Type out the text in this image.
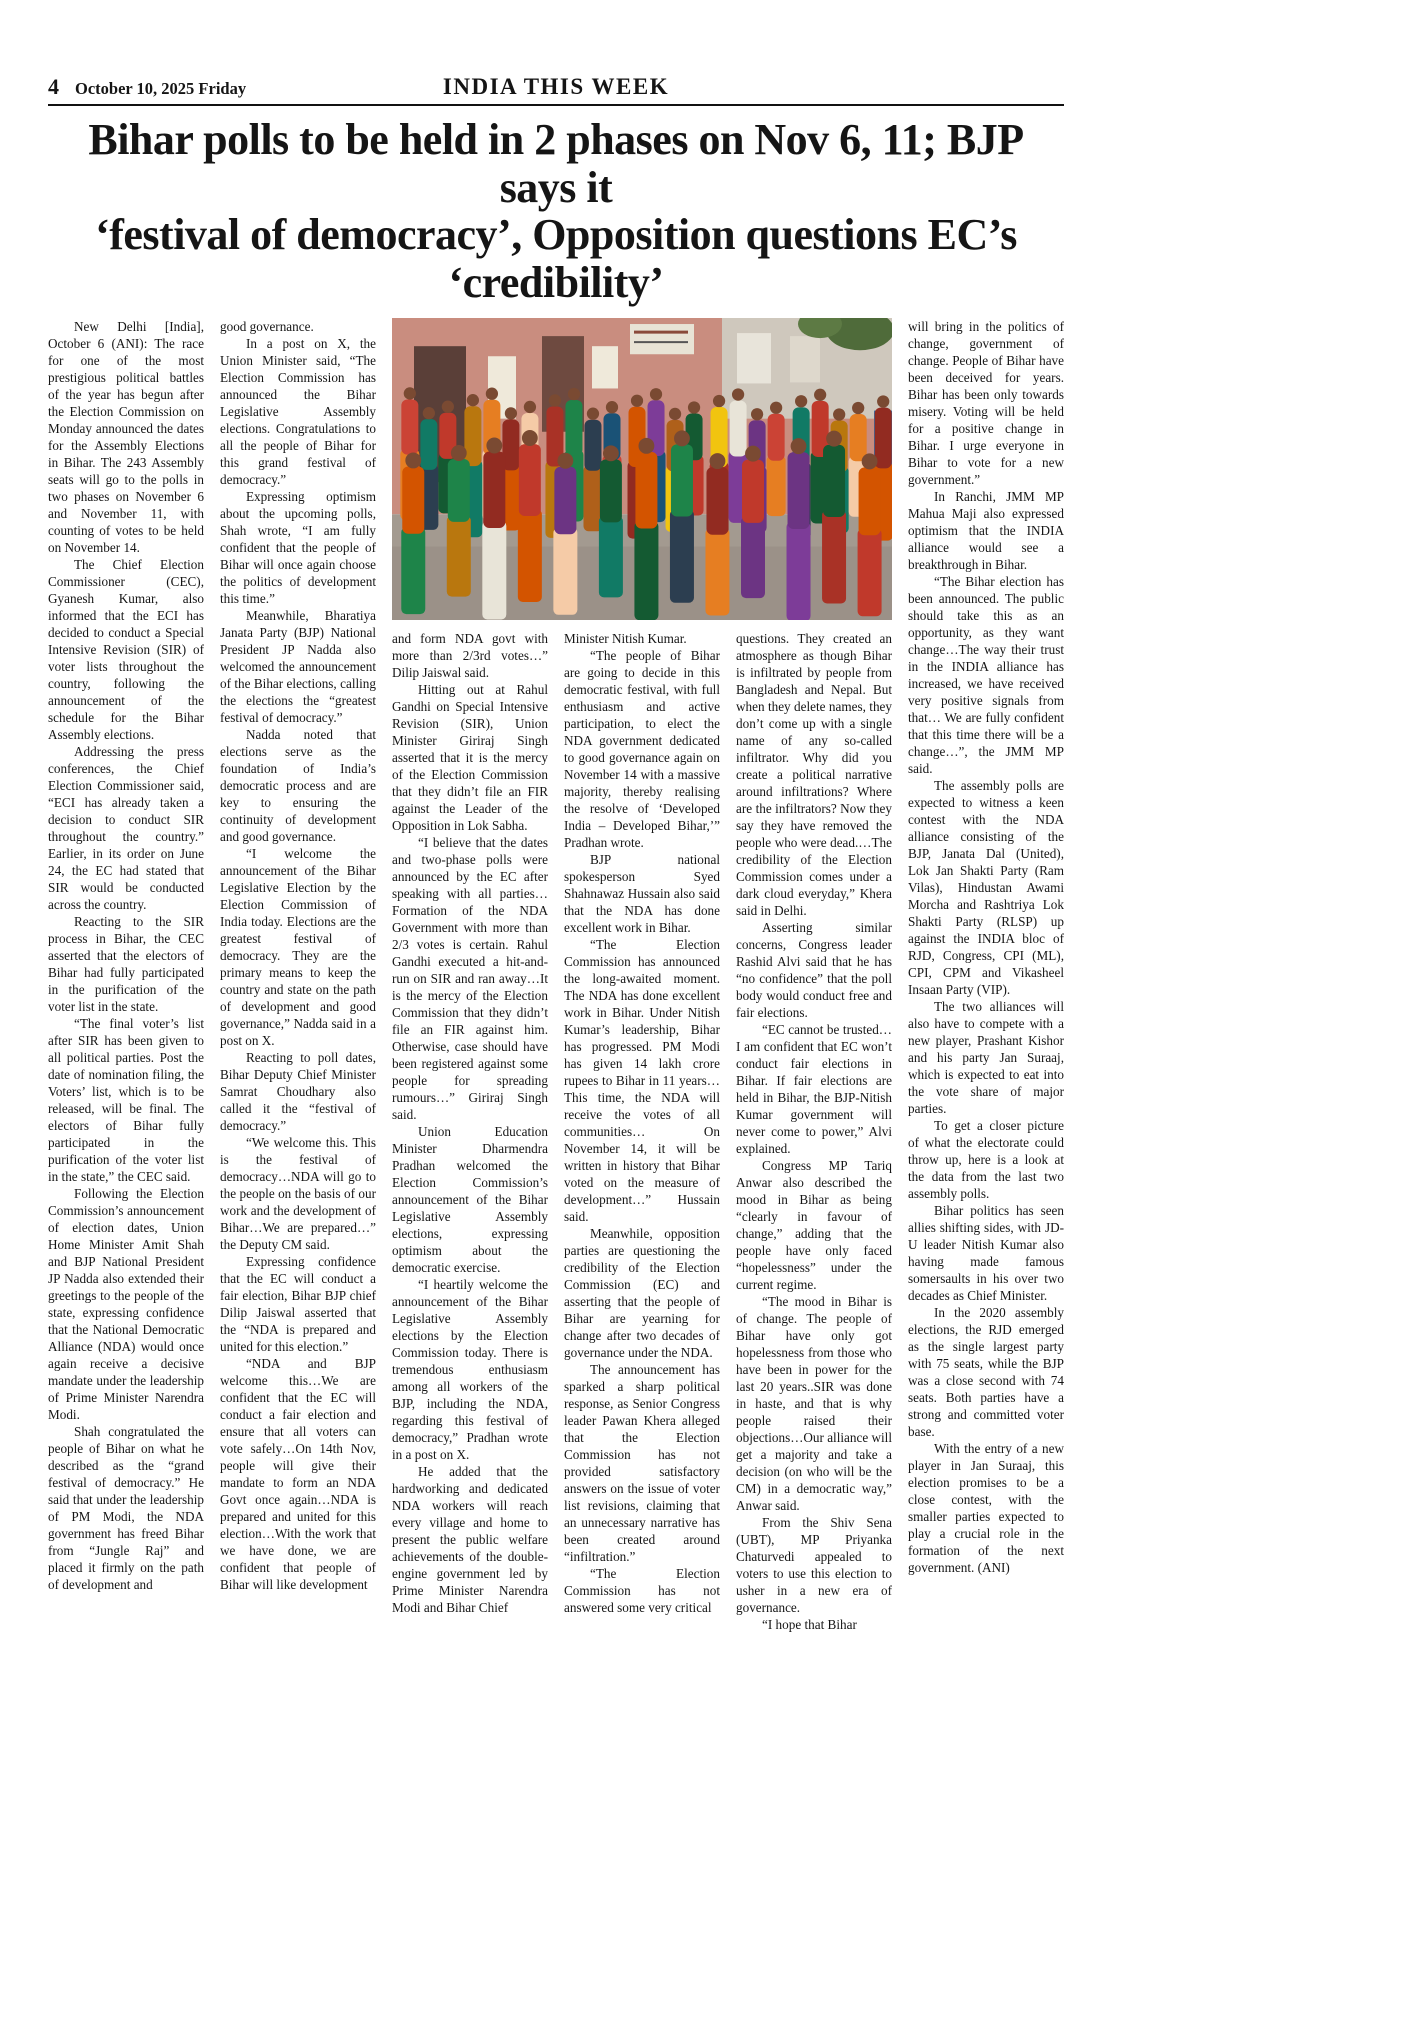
4 October 10, 2025 Friday	INDIA THIS WEEK
Bihar polls to be held in 2 phases on Nov 6, 11; BJP says it
‘festival of democracy’, Opposition questions EC’s ‘credibility’

New Delhi [India], October 6 (ANI): The race for one of the most prestigious political battles of the year has begun after the Election Commission on Monday announced the dates for the Assembly Elections in Bihar. The 243 Assembly seats will go to the polls in two phases on November 6 and November 11, with counting of votes to be held on November 14.

The Chief Election Commissioner (CEC), Gyanesh Kumar, also informed that the ECI has decided to conduct a Special Intensive Revision (SIR) of voter lists throughout the country, following the announcement of the schedule for the Bihar Assembly elections.

Addressing the press conferences, the Chief Election Commissioner said, “ECI has already taken a decision to conduct SIR throughout the country.” Earlier, in its order on June 24, the EC had stated that SIR would be conducted across the country.

Reacting to the SIR process in Bihar, the CEC asserted that the electors of Bihar had fully participated in the purification of the voter list in the state.

“The final voter’s list after SIR has been given to all political parties. Post the date of nomination filing, the Voters’ list, which is to be released, will be final. The electors of Bihar fully participated in the purification of the voter list in the state,” the CEC said.

Following the Election Commission’s announcement of election dates, Union Home Minister Amit Shah and BJP National President JP Nadda also extended their greetings to the people of the state, expressing confidence that the National Democratic Alliance (NDA) would once again receive a decisive mandate under the leadership of Prime Minister Narendra Modi.

Shah congratulated the people of Bihar on what he described as the “grand festival of democracy.” He said that under the leadership of PM Modi, the NDA government has freed Bihar from “Jungle Raj” and placed it firmly on the path of development and

good governance.

In a post on X, the Union Minister said, “The Election Commission has announced the Bihar Legislative Assembly elections. Congratulations to all the people of Bihar for this grand festival of democracy.”

Expressing optimism about the upcoming polls, Shah wrote, “I am fully confident that the people of Bihar will once again choose the politics of development this time.”

Meanwhile, Bharatiya Janata Party (BJP) National President JP Nadda also welcomed the announcement of the Bihar elections, calling the elections the “greatest festival of democracy.”

Nadda noted that elections serve as the foundation of India’s democratic process and are key to ensuring the continuity of development and good governance.

“I welcome the announcement of the Bihar Legislative Election by the Election Commission of India today. Elections are the greatest festival of democracy. They are the primary means to keep the country and state on the path of development and good governance,” Nadda said in a post on X.

Reacting to poll dates, Bihar Deputy Chief Minister Samrat Choudhary also called it the “festival of democracy.”

“We welcome this. This is the festival of democracy…NDA will go to the people on the basis of our work and the development of Bihar…We are prepared…” the Deputy CM said.

Expressing confidence that the EC will conduct a fair election, Bihar BJP chief Dilip Jaiswal asserted that the “NDA is prepared and united for this election.”

“NDA and BJP welcome this…We are confident that the EC will conduct a fair election and ensure that all voters can vote safely…On 14th Nov, people will give their mandate to form an NDA Govt once again…NDA is prepared and united for this election…With the work that we have done, we are confident that people of Bihar will like development

and form NDA govt with more than 2/3rd votes…” Dilip Jaiswal said.

Hitting out at Rahul Gandhi on Special Intensive Revision (SIR), Union Minister Giriraj Singh asserted that it is the mercy of the Election Commission that they didn’t file an FIR against the Leader of the Opposition in Lok Sabha.

“I believe that the dates and two-phase polls were announced by the EC after speaking with all parties…Formation of the NDA Government with more than 2/3 votes is certain. Rahul Gandhi executed a hit-and-run on SIR and ran away…It is the mercy of the Election Commission that they didn’t file an FIR against him. Otherwise, case should have been registered against some people for spreading rumours…” Giriraj Singh said.

Union Education Minister Dharmendra Pradhan welcomed the Election Commission’s announcement of the Bihar Legislative Assembly elections, expressing optimism about the democratic exercise.

“I heartily welcome the announcement of the Bihar Legislative Assembly elections by the Election Commission today. There is tremendous enthusiasm among all workers of the BJP, including the NDA, regarding this festival of democracy,” Pradhan wrote in a post on X.

He added that the hardworking and dedicated NDA workers will reach every village and home to present the public welfare achievements of the double-engine government led by Prime Minister Narendra Modi and Bihar Chief

Minister Nitish Kumar.

“The people of Bihar are going to decide in this democratic festival, with full enthusiasm and active participation, to elect the NDA government dedicated to good governance again on November 14 with a massive majority, thereby realising the resolve of ‘Developed India – Developed Bihar,’” Pradhan wrote.

BJP national spokesperson Syed Shahnawaz Hussain also said that the NDA has done excellent work in Bihar.

“The Election Commission has announced the long-awaited moment. The NDA has done excellent work in Bihar. Under Nitish Kumar’s leadership, Bihar has progressed. PM Modi has given 14 lakh crore rupees to Bihar in 11 years… This time, the NDA will receive the votes of all communities… On November 14, it will be written in history that Bihar voted on the measure of development…” Hussain said.

Meanwhile, opposition parties are questioning the credibility of the Election Commission (EC) and asserting that the people of Bihar are yearning for change after two decades of governance under the NDA.

The announcement has sparked a sharp political response, as Senior Congress leader Pawan Khera alleged that the Election Commission has not provided satisfactory answers on the issue of voter list revisions, claiming that an unnecessary narrative has been created around “infiltration.”

“The Election Commission has not answered some very critical

questions. They created an atmosphere as though Bihar is infiltrated by people from Bangladesh and Nepal. But when they delete names, they don’t come up with a single name of any so-called infiltrator. Why did you create a political narrative around infiltrations? Where are the infiltrators? Now they say they have removed the people who were dead.…The credibility of the Election Commission comes under a dark cloud everyday,” Khera said in Delhi.

Asserting similar concerns, Congress leader Rashid Alvi said that he has “no confidence” that the poll body would conduct free and fair elections.

“EC cannot be trusted…I am confident that EC won’t conduct fair elections in Bihar. If fair elections are held in Bihar, the BJP-Nitish Kumar government will never come to power,” Alvi explained.

Congress MP Tariq Anwar also described the mood in Bihar as being “clearly in favour of change,” adding that the people have only faced “hopelessness” under the current regime.

“The mood in Bihar is of change. The people of Bihar have only got hopelessness from those who have been in power for the last 20 years..SIR was done in haste, and that is why people raised their objections…Our alliance will get a majority and take a decision (on who will be the CM) in a democratic way,” Anwar said.

From the Shiv Sena (UBT), MP Priyanka Chaturvedi appealed to voters to use this election to usher in a new era of governance.

“I hope that Bihar

will bring in the politics of change, government of change. People of Bihar have been deceived for years. Bihar has been only towards misery. Voting will be held for a positive change in Bihar. I urge everyone in Bihar to vote for a new government.”

In Ranchi, JMM MP Mahua Maji also expressed optimism that the INDIA alliance would see a breakthrough in Bihar.

“The Bihar election has been announced. The public should take this as an opportunity, as they want change…The way their trust in the INDIA alliance has increased, we have received very positive signals from that… We are fully confident that this time there will be a change…”, the JMM MP said.

The assembly polls are expected to witness a keen contest with the NDA alliance consisting of the BJP, Janata Dal (United), Lok Jan Shakti Party (Ram Vilas), Hindustan Awami Morcha and Rashtriya Lok Shakti Party (RLSP) up against the INDIA bloc of RJD, Congress, CPI (ML), CPI, CPM and Vikasheel Insaan Party (VIP).

The two alliances will also have to compete with a new player, Prashant Kishor and his party Jan Suraaj, which is expected to eat into the vote share of major parties.

To get a closer picture of what the electorate could throw up, here is a look at the data from the last two assembly polls.

Bihar politics has seen allies shifting sides, with JD-U leader Nitish Kumar also having made famous somersaults in his over two decades as Chief Minister.

In the 2020 assembly elections, the RJD emerged as the single largest party with 75 seats, while the BJP was a close second with 74 seats. Both parties have a strong and committed voter base.

With the entry of a new player in Jan Suraaj, this election promises to be a close contest, with the smaller parties expected to play a crucial role in the formation of the next government. (ANI)
